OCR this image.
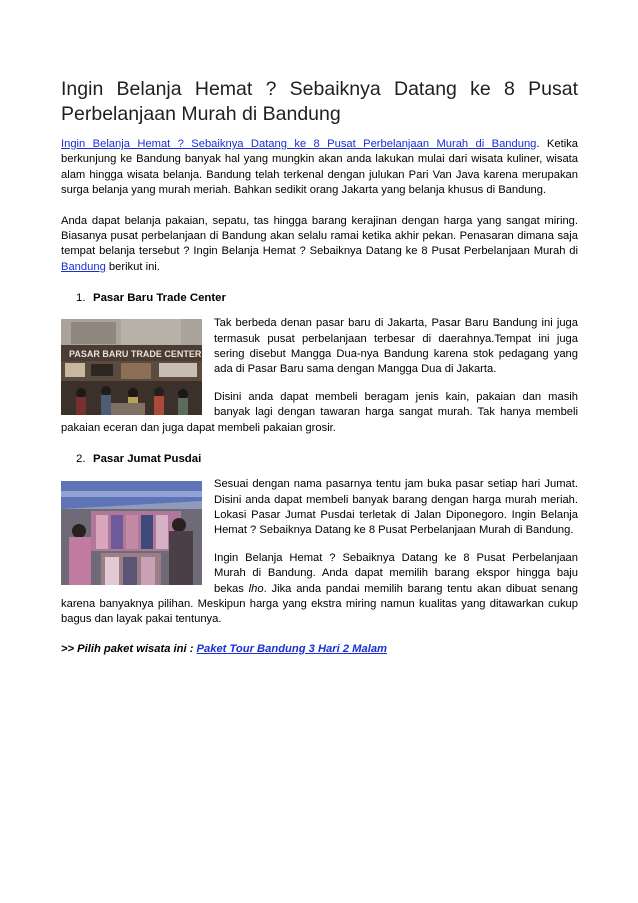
Ingin Belanja Hemat ? Sebaiknya Datang ke 8 Pusat Perbelanjaan Murah di Bandung

Ingin Belanja Hemat ? Sebaiknya Datang ke 8 Pusat Perbelanjaan Murah di Bandung. Ketika berkunjung ke Bandung banyak hal yang mungkin akan anda lakukan mulai dari wisata kuliner, wisata alam hingga wisata belanja. Bandung telah terkenal dengan julukan Pari Van Java karena merupakan surga belanja yang murah meriah. Bahkan sedikit orang Jakarta yang belanja khusus di Bandung.

Anda dapat belanja pakaian, sepatu, tas hingga barang kerajinan dengan harga yang sangat miring. Biasanya pusat perbelanjaan di Bandung akan selalu ramai ketika akhir pekan. Penasaran dimana saja tempat belanja tersebut ? Ingin Belanja Hemat ? Sebaiknya Datang ke 8 Pusat Perbelanjaan Murah di Bandung berikut ini.

1. Pasar Baru Trade Center
PASAR BARU TRADE CENTER

Tak berbeda denan pasar baru di Jakarta, Pasar Baru Bandung ini juga termasuk pusat perbelanjaan terbesar di daerahnya.Tempat ini juga sering disebut Mangga Dua-nya Bandung karena stok pedagang yang ada di Pasar Baru sama dengan Mangga Dua di Jakarta.

Disini anda dapat membeli beragam jenis kain, pakaian dan masih banyak lagi dengan tawaran harga sangat murah. Tak hanya membeli pakaian eceran dan juga dapat membeli pakaian grosir.

2. Pasar Jumat Pusdai

Sesuai dengan nama pasarnya tentu jam buka pasar setiap hari Jumat. Disini anda dapat membeli banyak barang dengan harga murah meriah. Lokasi Pasar Jumat Pusdai terletak di Jalan Diponegoro. Ingin Belanja Hemat ? Sebaiknya Datang ke 8 Pusat Perbelanjaan Murah di Bandung.

Ingin Belanja Hemat ? Sebaiknya Datang ke 8 Pusat Perbelanjaan Murah di Bandung. Anda dapat memilih barang ekspor hingga baju bekas lho. Jika anda pandai memilih barang tentu akan dibuat senang karena banyaknya pilihan. Meskipun harga yang ekstra miring namun kualitas yang ditawarkan cukup bagus dan layak pakai tentunya.

>> Pilih paket wisata ini : Paket Tour Bandung 3 Hari 2 Malam
